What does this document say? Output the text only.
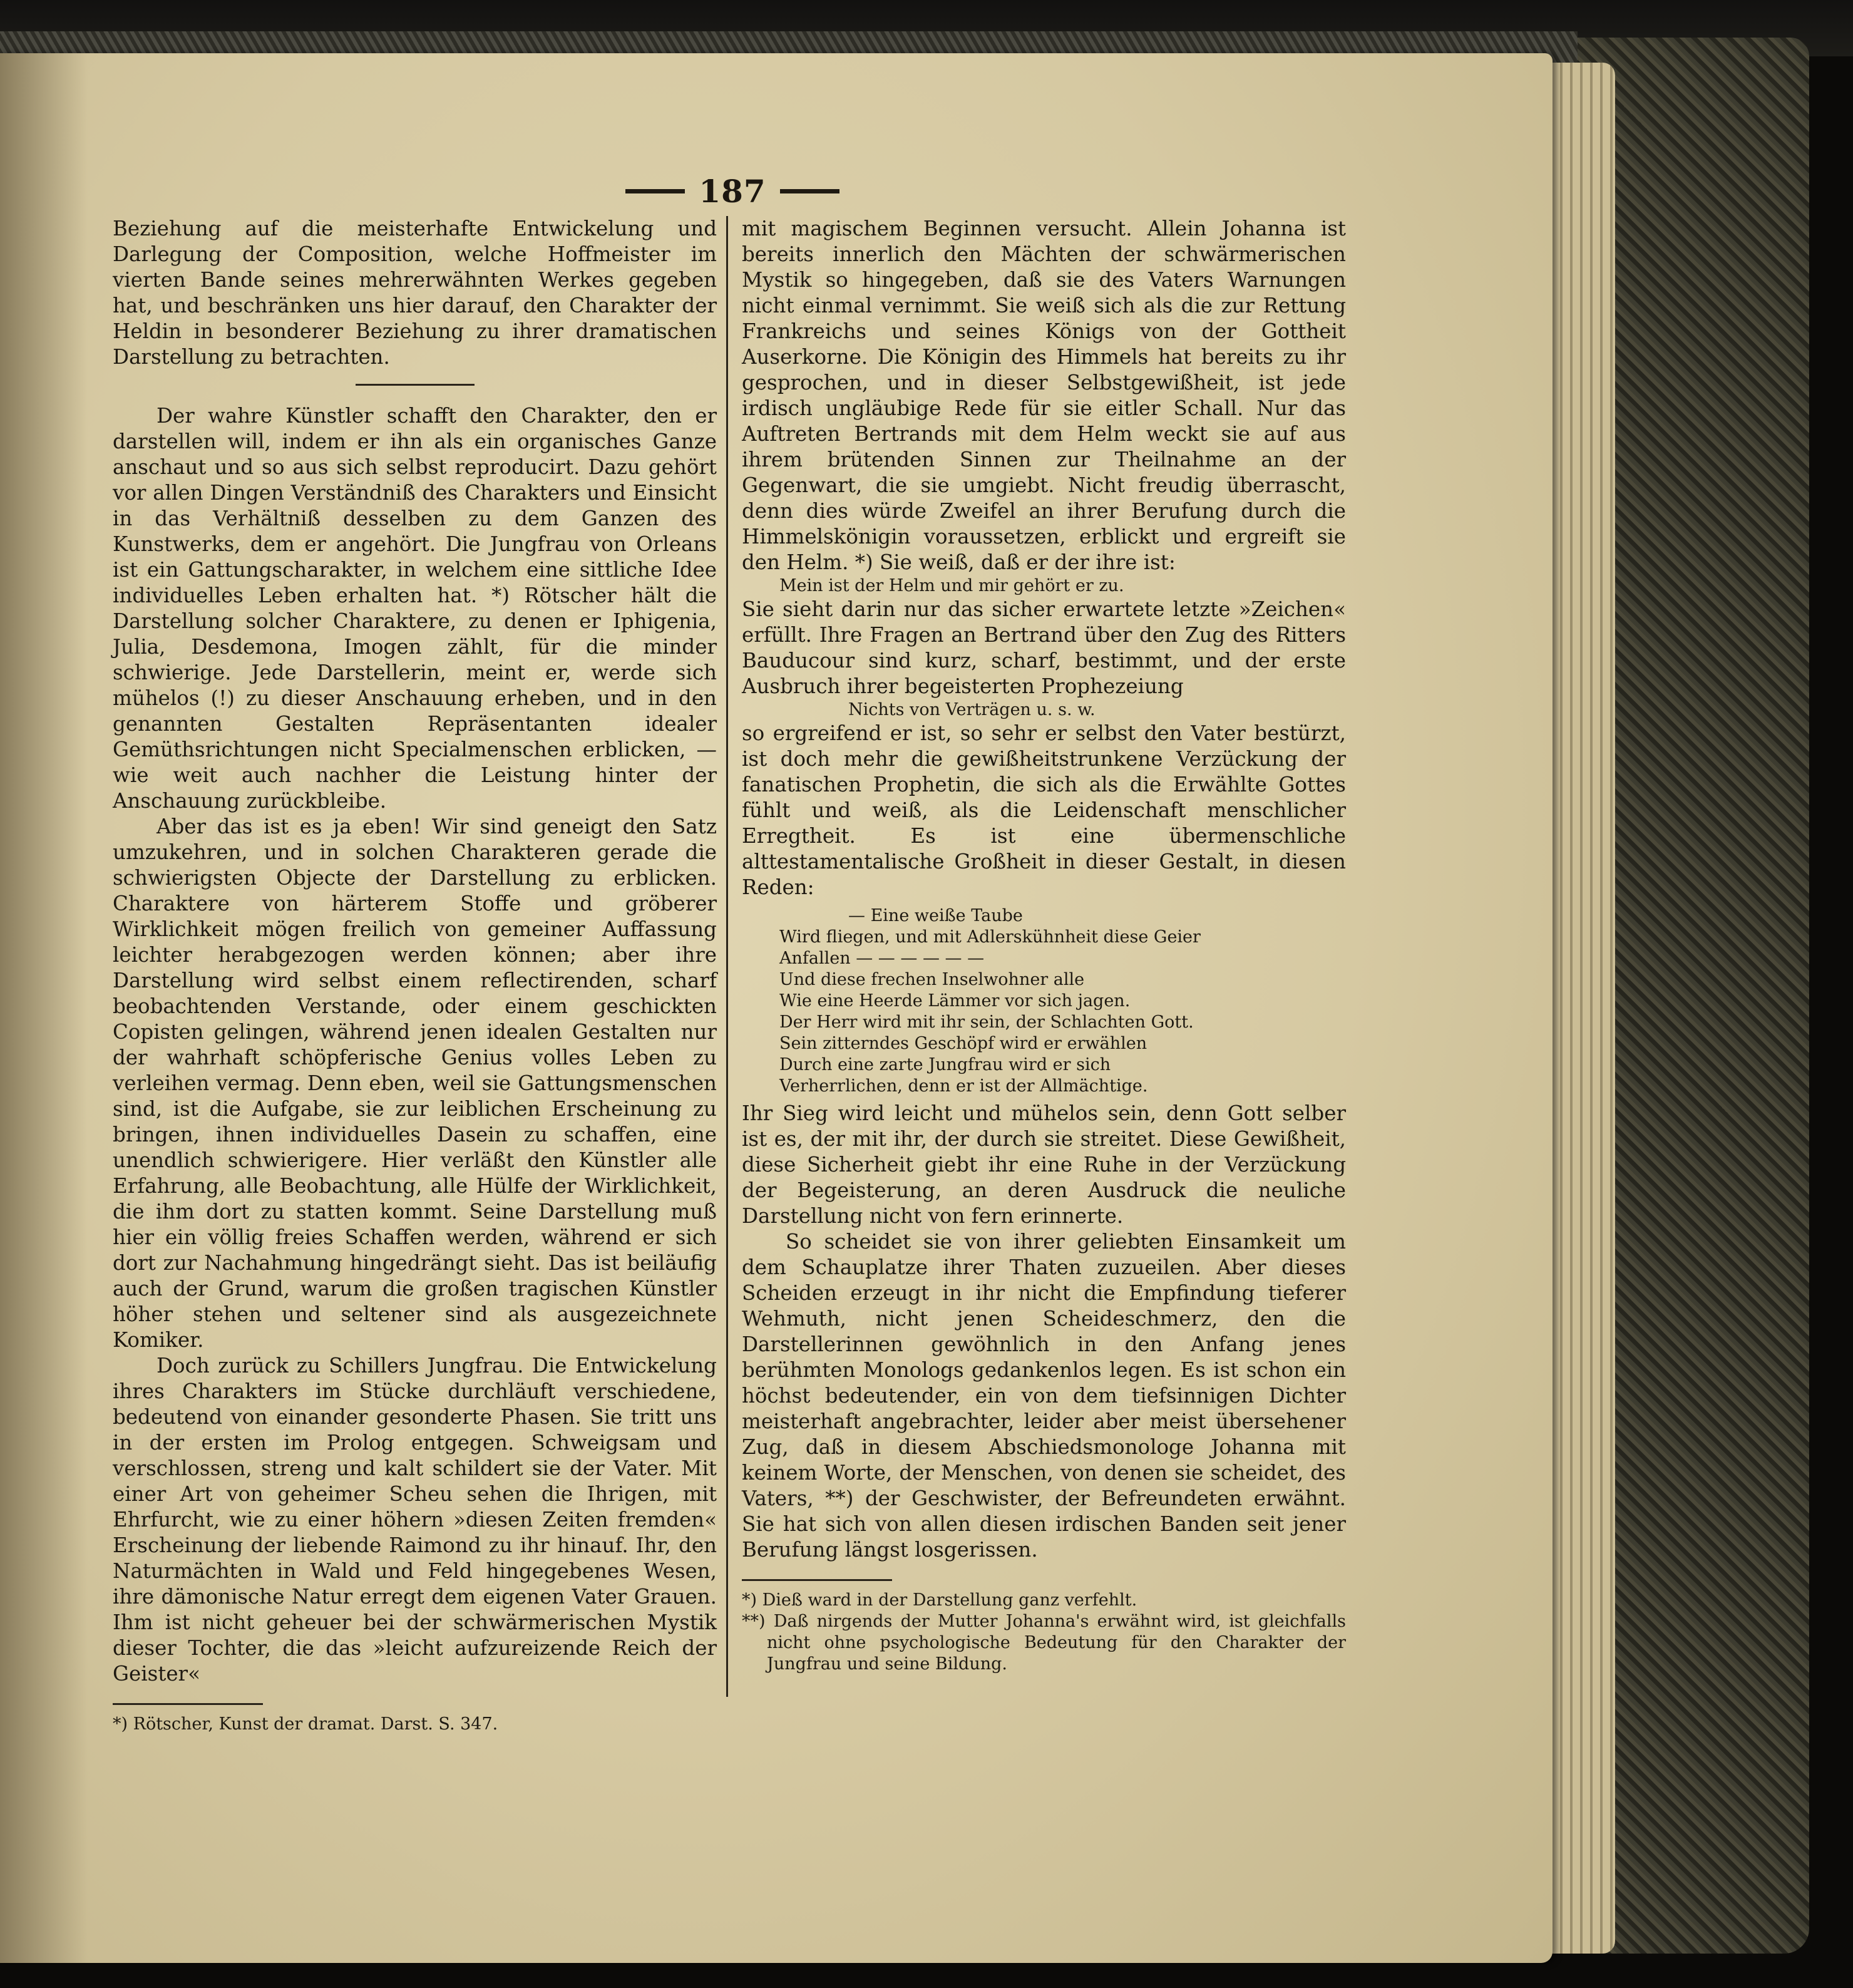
187

Beziehung auf die meisterhafte Entwickelung und Darlegung der Composition, welche Hoffmeister im vierten Bande seines mehrerwähnten Werkes gegeben hat, und beschränken uns hier darauf, den Charakter der Heldin in besonderer Beziehung zu ihrer dramatischen Darstellung zu betrachten.

Der wahre Künstler schafft den Charakter, den er darstellen will, indem er ihn als ein organisches Ganze anschaut und so aus sich selbst reproducirt. Dazu gehört vor allen Dingen Verständniß des Charakters und Einsicht in das Verhältniß desselben zu dem Ganzen des Kunstwerks, dem er angehört. Die Jungfrau von Orleans ist ein Gattungscharakter, in welchem eine sittliche Idee individuelles Leben erhalten hat. *) Rötscher hält die Darstellung solcher Charaktere, zu denen er Iphigenia, Julia, Desdemona, Imogen zählt, für die minder schwierige. Jede Darstellerin, meint er, werde sich mühelos (!) zu dieser Anschauung erheben, und in den genannten Gestalten Repräsentanten idealer Gemüthsrichtungen nicht Specialmenschen erblicken, — wie weit auch nachher die Leistung hinter der Anschauung zurückbleibe.

Aber das ist es ja eben! Wir sind geneigt den Satz umzukehren, und in solchen Charakteren gerade die schwierigsten Objecte der Darstellung zu erblicken. Charaktere von härterem Stoffe und gröberer Wirklichkeit mögen freilich von gemeiner Auffassung leichter herabgezogen werden können; aber ihre Darstellung wird selbst einem reflectirenden, scharf beobachtenden Verstande, oder einem geschickten Copisten gelingen, während jenen idealen Gestalten nur der wahrhaft schöpferische Genius volles Leben zu verleihen vermag. Denn eben, weil sie Gattungsmenschen sind, ist die Aufgabe, sie zur leiblichen Erscheinung zu bringen, ihnen individuelles Dasein zu schaffen, eine unendlich schwierigere. Hier verläßt den Künstler alle Erfahrung, alle Beobachtung, alle Hülfe der Wirklichkeit, die ihm dort zu statten kommt. Seine Darstellung muß hier ein völlig freies Schaffen werden, während er sich dort zur Nachahmung hingedrängt sieht. Das ist beiläufig auch der Grund, warum die großen tragischen Künstler höher stehen und seltener sind als ausgezeichnete Komiker.

Doch zurück zu Schillers Jungfrau. Die Entwickelung ihres Charakters im Stücke durchläuft verschiedene, bedeutend von einander gesonderte Phasen. Sie tritt uns in der ersten im Prolog entgegen. Schweigsam und verschlossen, streng und kalt schildert sie der Vater. Mit einer Art von geheimer Scheu sehen die Ihrigen, mit Ehrfurcht, wie zu einer höhern »diesen Zeiten fremden« Erscheinung der liebende Raimond zu ihr hinauf. Ihr, den Naturmächten in Wald und Feld hingegebenes Wesen, ihre dämonische Natur erregt dem eigenen Vater Grauen. Ihm ist nicht geheuer bei der schwärmerischen Mystik dieser Tochter, die das »leicht aufzureizende Reich der Geister«

*) Rötscher, Kunst der dramat. Darst. S. 347.

mit magischem Beginnen versucht. Allein Johanna ist bereits innerlich den Mächten der schwärmerischen Mystik so hingegeben, daß sie des Vaters Warnungen nicht einmal vernimmt. Sie weiß sich als die zur Rettung Frankreichs und seines Königs von der Gottheit Auserkorne. Die Königin des Himmels hat bereits zu ihr gesprochen, und in dieser Selbstgewißheit, ist jede irdisch ungläubige Rede für sie eitler Schall. Nur das Auftreten Bertrands mit dem Helm weckt sie auf aus ihrem brütenden Sinnen zur Theilnahme an der Gegenwart, die sie umgiebt. Nicht freudig überrascht, denn dies würde Zweifel an ihrer Berufung durch die Himmelskönigin voraussetzen, erblickt und ergreift sie den Helm. *) Sie weiß, daß er der ihre ist:

Mein ist der Helm und mir gehört er zu.

Sie sieht darin nur das sicher erwartete letzte »Zeichen« erfüllt. Ihre Fragen an Bertrand über den Zug des Ritters Bauducour sind kurz, scharf, bestimmt, und der erste Ausbruch ihrer begeisterten Prophezeiung

Nichts von Verträgen u. s. w.

so ergreifend er ist, so sehr er selbst den Vater bestürzt, ist doch mehr die gewißheitstrunkene Verzückung der fanatischen Prophetin, die sich als die Erwählte Gottes fühlt und weiß, als die Leidenschaft menschlicher Erregtheit. Es ist eine übermenschliche alttestamentalische Großheit in dieser Gestalt, in diesen Reden:

— Eine weiße Taube

Wird fliegen, und mit Adlerskühnheit diese Geier

Anfallen — — — — — —

Und diese frechen Inselwohner alle

Wie eine Heerde Lämmer vor sich jagen.

Der Herr wird mit ihr sein, der Schlachten Gott.

Sein zitterndes Geschöpf wird er erwählen

Durch eine zarte Jungfrau wird er sich

Verherrlichen, denn er ist der Allmächtige.

Ihr Sieg wird leicht und mühelos sein, denn Gott selber ist es, der mit ihr, der durch sie streitet. Diese Gewißheit, diese Sicherheit giebt ihr eine Ruhe in der Verzückung der Begeisterung, an deren Ausdruck die neuliche Darstellung nicht von fern erinnerte.

So scheidet sie von ihrer geliebten Einsamkeit um dem Schauplatze ihrer Thaten zuzueilen. Aber dieses Scheiden erzeugt in ihr nicht die Empfindung tieferer Wehmuth, nicht jenen Scheideschmerz, den die Darstellerinnen gewöhnlich in den Anfang jenes berühmten Monologs gedankenlos legen. Es ist schon ein höchst bedeutender, ein von dem tiefsinnigen Dichter meisterhaft angebrachter, leider aber meist übersehener Zug, daß in diesem Abschiedsmonologe Johanna mit keinem Worte, der Menschen, von denen sie scheidet, des Vaters, **) der Geschwister, der Befreundeten erwähnt. Sie hat sich von allen diesen irdischen Banden seit jener Berufung längst losgerissen.

*) Dieß ward in der Darstellung ganz verfehlt.

**) Daß nirgends der Mutter Johanna's erwähnt wird, ist gleichfalls nicht ohne psychologische Bedeutung für den Charakter der Jungfrau und seine Bildung.
